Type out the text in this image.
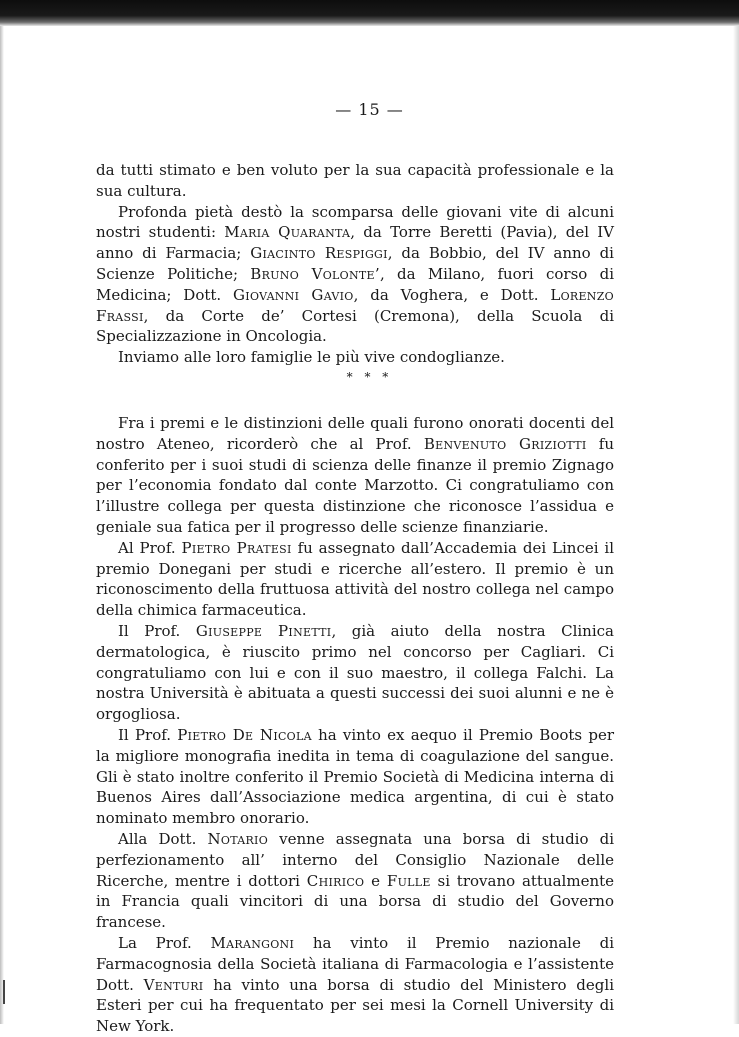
— 15 —

da tutti stimato e ben voluto per la sua capacità professionale e la sua cultura.

Profonda pietà destò la scomparsa delle giovani vite di alcuni nostri studenti: Maria Quaranta, da Torre Beretti (Pavia), del IV anno di Farmacia; Giacinto Respiggi, da Bobbio, del IV anno di Scienze Politiche; Bruno Volonte’, da Milano, fuori corso di Medicina; Dott. Giovanni Gavio, da Voghera, e Dott. Lorenzo Frassi, da Corte de’ Cortesi (Cremona), della Scuola di Specializzazione in Oncologia.

Inviamo alle loro famiglie le più vive condoglianze.

* * *

Fra i premi e le distinzioni delle quali furono onorati docenti del nostro Ateneo, ricorderò che al Prof. Benvenuto Griziotti fu conferito per i suoi studi di scienza delle finanze il premio Zignago per l’economia fondato dal conte Marzotto. Ci congratuliamo con l’illustre collega per questa distinzione che riconosce l’assidua e geniale sua fatica per il progresso delle scienze finanziarie.

Al Prof. Pietro Pratesi fu assegnato dall’Accademia dei Lincei il premio Donegani per studi e ricerche all’estero. Il premio è un riconoscimento della fruttuosa attività del nostro collega nel campo della chimica farmaceutica.

Il Prof. Giuseppe Pinetti, già aiuto della nostra Clinica dermatologica, è riuscito primo nel concorso per Cagliari. Ci congratuliamo con lui e con il suo maestro, il collega Falchi. La nostra Università è abituata a questi successi dei suoi alunni e ne è orgogliosa.

Il Prof. Pietro De Nicola ha vinto ex aequo il Premio Boots per la migliore monografia inedita in tema di coagulazione del sangue. Gli è stato inoltre conferito il Premio Società di Medicina interna di Buenos Aires dall’Associazione medica argentina, di cui è stato nominato membro onorario.

Alla Dott. Notario venne assegnata una borsa di studio di perfezionamento all’ interno del Consiglio Nazionale delle Ricerche, mentre i dottori Chirico e Fulle si trovano attualmente in Francia quali vincitori di una borsa di studio del Governo francese.

La Prof. Marangoni ha vinto il Premio nazionale di Farmacognosia della Società italiana di Farmacologia e l’assistente Dott. Venturi ha vinto una borsa di studio del Ministero degli Esteri per cui ha frequentato per sei mesi la Cornell University di New York.
